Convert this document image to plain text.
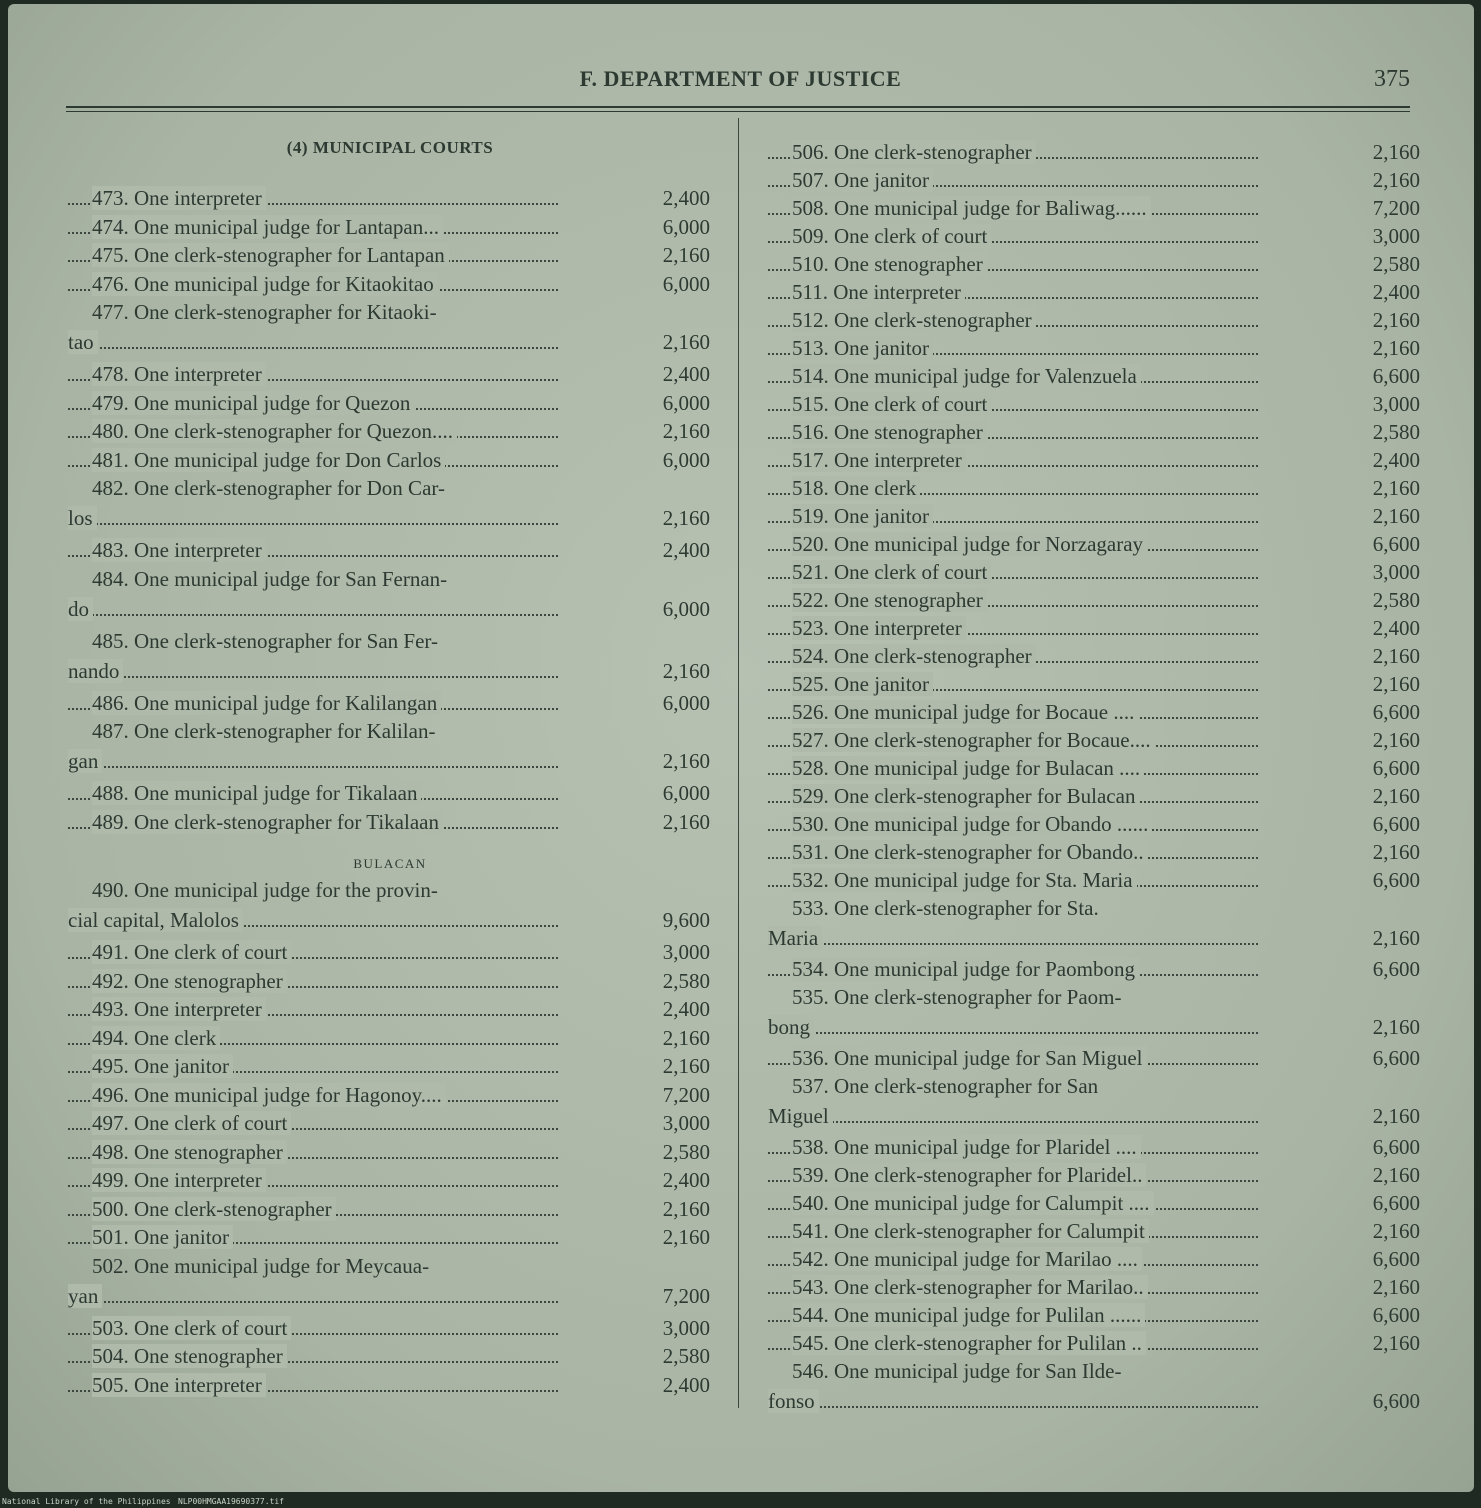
F. DEPARTMENT OF JUSTICE	375
(4) MUNICIPAL COURTS
BULACAN
473. One interpreter	2,400
474. One municipal judge for Lantapan...	6,000
475. One clerk-stenographer for Lantapan	2,160
476. One municipal judge for Kitaokitao	6,000
477. One clerk-stenographer for Kitaoki-
tao	2,160
478. One interpreter	2,400
479. One municipal judge for Quezon	6,000
480. One clerk-stenographer for Quezon....	2,160
481. One municipal judge for Don Carlos	6,000
482. One clerk-stenographer for Don Car-
los	2,160
483. One interpreter	2,400
484. One municipal judge for San Fernan-
do	6,000
485. One clerk-stenographer for San Fer-
nando	2,160
486. One municipal judge for Kalilangan	6,000
487. One clerk-stenographer for Kalilan-
gan	2,160
488. One municipal judge for Tikalaan	6,000
489. One clerk-stenographer for Tikalaan	2,160
490. One municipal judge for the provin-
cial capital, Malolos	9,600
491. One clerk of court	3,000
492. One stenographer	2,580
493. One interpreter	2,400
494. One clerk	2,160
495. One janitor	2,160
496. One municipal judge for Hagonoy....	7,200
497. One clerk of court	3,000
498. One stenographer	2,580
499. One interpreter	2,400
500. One clerk-stenographer	2,160
501. One janitor	2,160
502. One municipal judge for Meycaua-
yan	7,200
503. One clerk of court	3,000
504. One stenographer	2,580
505. One interpreter	2,400
506. One clerk-stenographer	2,160
507. One janitor	2,160
508. One municipal judge for Baliwag......	7,200
509. One clerk of court	3,000
510. One stenographer	2,580
511. One interpreter	2,400
512. One clerk-stenographer	2,160
513. One janitor	2,160
514. One municipal judge for Valenzuela	6,600
515. One clerk of court	3,000
516. One stenographer	2,580
517. One interpreter	2,400
518. One clerk	2,160
519. One janitor	2,160
520. One municipal judge for Norzagaray	6,600
521. One clerk of court	3,000
522. One stenographer	2,580
523. One interpreter	2,400
524. One clerk-stenographer	2,160
525. One janitor	2,160
526. One municipal judge for Bocaue ....	6,600
527. One clerk-stenographer for Bocaue....	2,160
528. One municipal judge for Bulacan ....	6,600
529. One clerk-stenographer for Bulacan	2,160
530. One municipal judge for Obando ......	6,600
531. One clerk-stenographer for Obando..	2,160
532. One municipal judge for Sta. Maria	6,600
533. One clerk-stenographer for Sta.
Maria	2,160
534. One municipal judge for Paombong	6,600
535. One clerk-stenographer for Paom-
bong	2,160
536. One municipal judge for San Miguel	6,600
537. One clerk-stenographer for San
Miguel	2,160
538. One municipal judge for Plaridel ....	6,600
539. One clerk-stenographer for Plaridel..	2,160
540. One municipal judge for Calumpit ....	6,600
541. One clerk-stenographer for Calumpit	2,160
542. One municipal judge for Marilao ....	6,600
543. One clerk-stenographer for Marilao..	2,160
544. One municipal judge for Pulilan ......	6,600
545. One clerk-stenographer for Pulilan ..	2,160
546. One municipal judge for San Ilde-
fonso	6,600
National Library of the Philippines NLP00HMGAA19690377.tif
